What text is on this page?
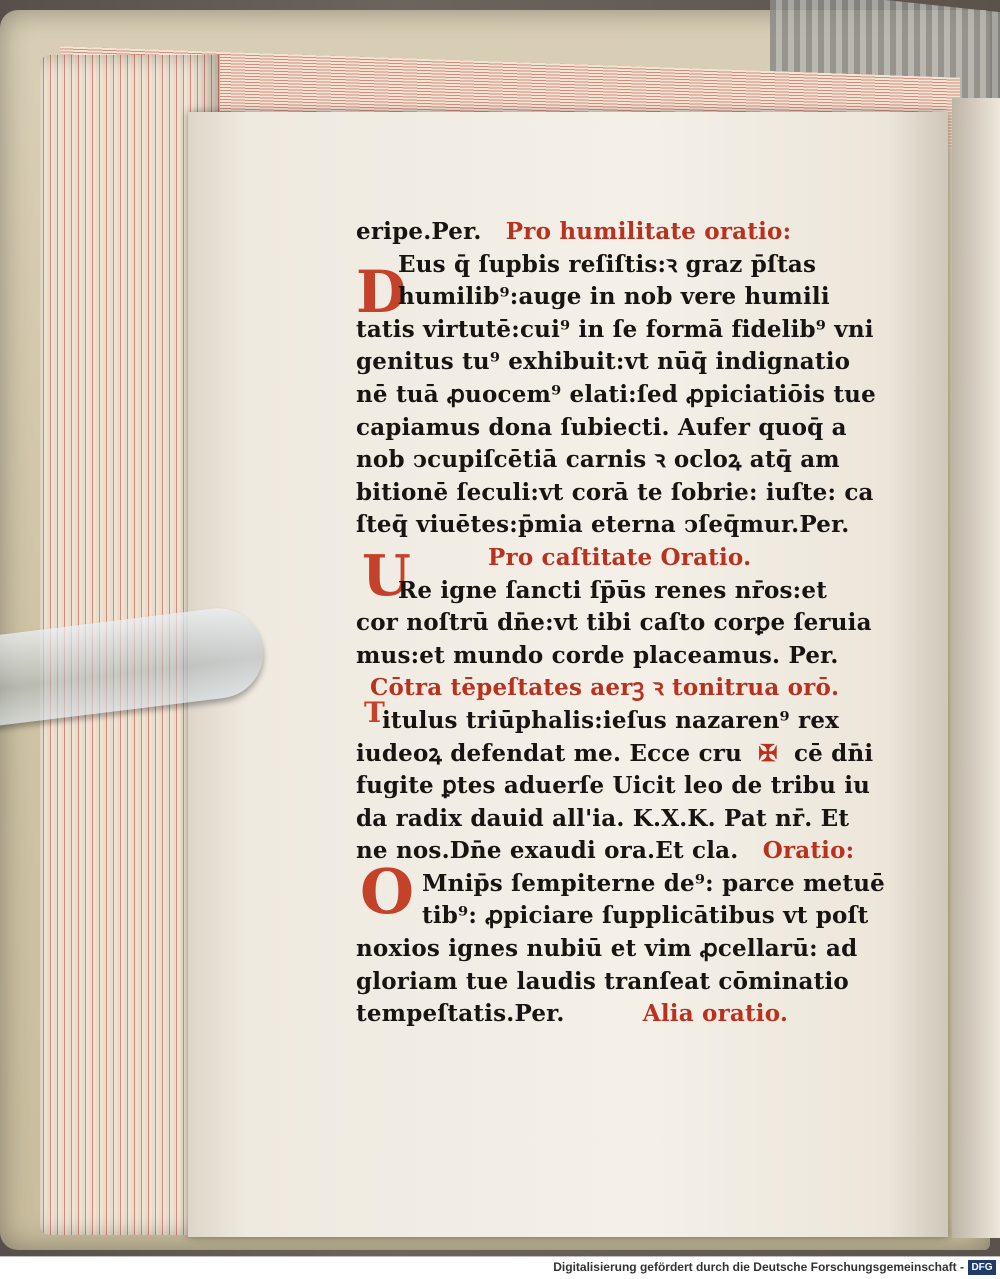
D
U
T
O
eripe.Per. Pro humilitate oratio:
Eus q̄ ſupbis reſiſtis:ꝛ graz p̄ſtas
humilib⁹:auge in nob vere humili
tatis virtutē:cui⁹ in ſe formā fidelib⁹ vni
genitus tu⁹ exhibuit:vt nūq̄ indignatio
nē tuā ꝓuocem⁹ elati:ſed ꝓpiciatiōis tue
capiamus dona ſubiecti. Aufer quoq̄ a
nob ↄcupiſcētiā carnis ꝛ ocloꝝ atq̄ am
bitionē ſeculi:vt corā te ſobrie: iuſte: ca
ſteq̄ viuētes:p̄mia eterna ↄſeq̄mur.Per.
Pro caſtitate Oratio.
Re igne ſancti ſp̄ūs renes nr̄os:et
cor noſtrū dn̄e:vt tibi caſto corꝑe ſeruia
mus:et mundo corde placeamus. Per.
Cōtra tēpeſtates aerꝫ ꝛ tonitrua orō.
itulus triūphalis:ieſus nazaren⁹ rex
iudeoꝝ defendat me. Ecce cru ✠ cē dn̄i
fugite ꝑtes aduerſe Uicit leo de tribu iu
da radix dauid all'ia. K.X.K. Pat nr̄. Et
ne nos.Dn̄e exaudi ora.Et cla. Oratio:
Mnip̄s ſempiterne de⁹: parce metuē
tib⁹: ꝓpiciare ſupplicātibus vt poſt
noxios ignes nubiū et vim ꝓcellarū: ad
gloriam tue laudis tranſeat cōminatio
tempeſtatis.Per.	Alia oratio.
Digitalisierung gefördert durch die Deutsche Forschungsgemeinschaft - DFG
